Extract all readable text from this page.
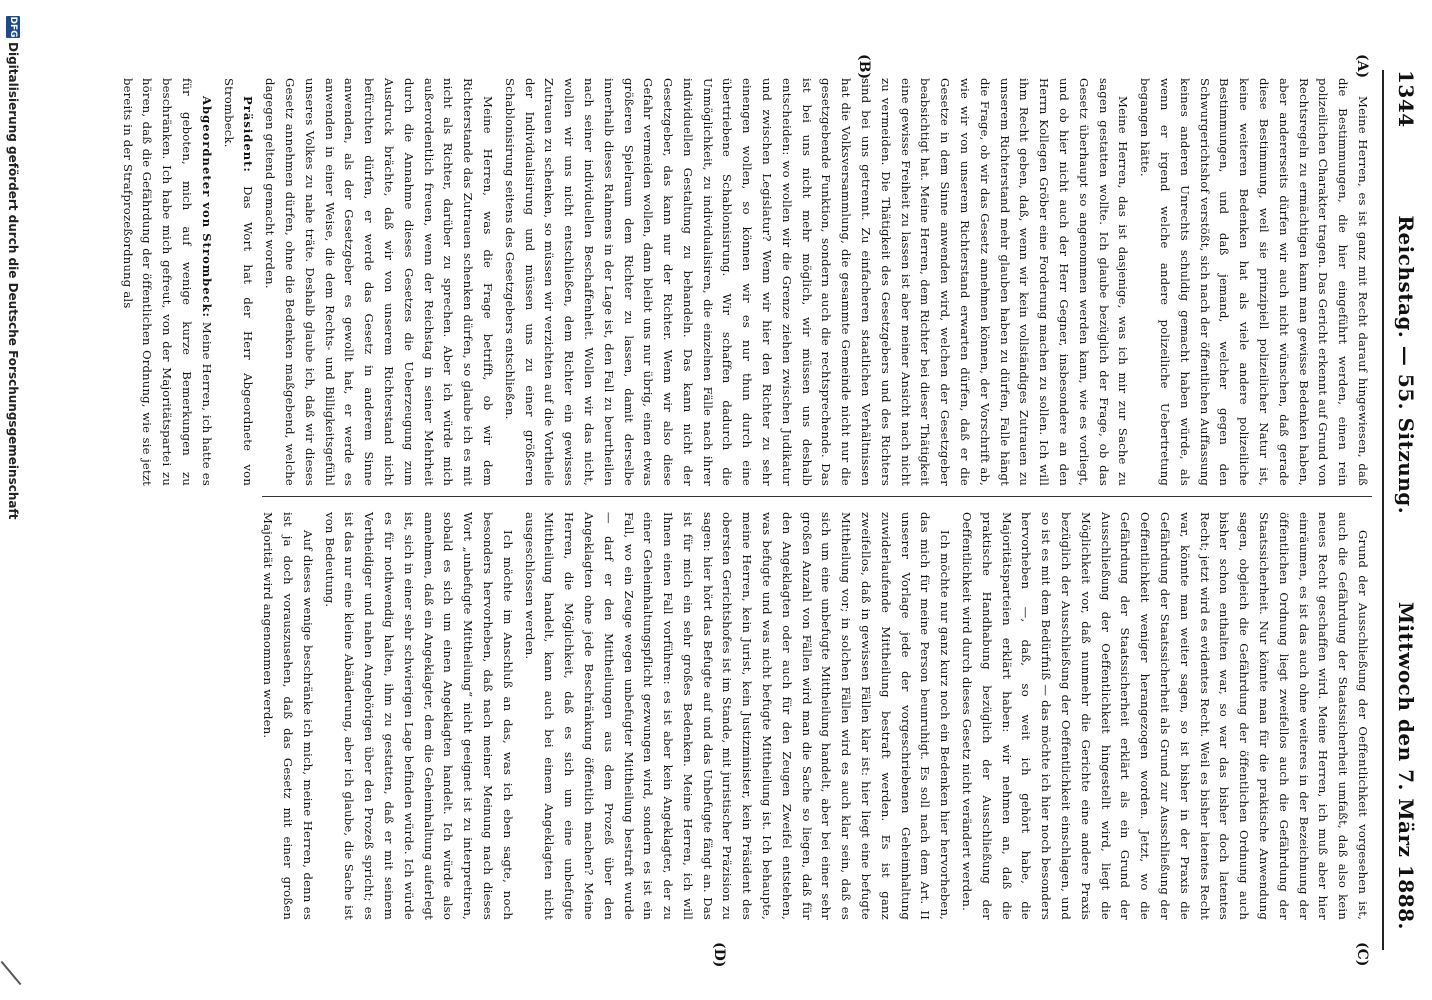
1344
Reichstag. — 55. Sitzung.
Mittwoch den 7. März 1888.
(A)
(B)
(C)
(D)

Meine Herren, es ist ganz mit Recht darauf hingewiesen, daß die Bestimmungen, die hier eingeführt werden, einen rein polizeilichen Charakter tragen. Das Gericht erkennt auf Grund von Rechtsregeln zu ermächtigen kann man gewisse Bedenken haben, aber andererseits dürfen wir auch nicht wünschen, daß gerade diese Bestimmung, weil sie prinzipiell polizeilicher Natur ist, keine weiteren Bedenken hat als viele andere polizeiliche Bestimmungen, und daß jemand, welcher gegen den Schwurgerichtshof verstößt, sich nach der öffentlichen Auffassung keines anderen Unrechts schuldig gemacht haben würde, als wenn er irgend welche andere polizeiliche Uebertretung begangen hätte.

Meine Herren, das ist dasjenige, was ich mir zur Sache zu sagen gestatten wollte. Ich glaube bezüglich der Frage, ob das Gesetz überhaupt so angenommen werden kann, wie es vorliegt, und ob hier nicht auch der Herr Gegner, insbesondere an den Herrn Kollegen Gröber eine Forderung machen zu sollen. Ich will ihm Recht geben, daß, wenn wir kein vollständiges Zutrauen zu unserem Richterstand mehr glauben haben zu dürfen, Falle hängt die Frage, ob wir das Gesetz annehmen können, der Vorschrift ab, wie wir von unserem Richterstand erwarten dürfen, daß er die Gesetze in dem Sinne anwenden wird, welchen der Gesetzgeber beabsichtigt hat. Meine Herren, dem Richter bei dieser Thätigkeit eine gewisse Freiheit zu lassen ist aber meiner Ansicht nach nicht zu vermeiden. Die Thätigkeit des Gesetzgebers und des Richters sind bei uns getrennt. Zu einfacheren staatlichen Verhältnissen hat die Volksversammlung, die gesammte Gemeinde nicht nur die gesetzgebende Funktion, sondern auch die rechtsprechende. Das ist bei uns nicht mehr möglich, wir müssen uns deshalb entscheiden: wo wollen wir die Grenze ziehen zwischen Judikatur und zwischen Legislatur? Wenn wir hier den Richter zu sehr einengen wollen, so können wir es nur thun durch eine übertriebene Schablonisirung. Wir schaffen dadurch die Unmöglichkeit, zu individualisiren, die einzelnen Fälle nach ihrer individuellen Gestaltung zu behandeln. Das kann nicht der Gesetzgeber, das kann nur der Richter. Wenn wir also diese Gefahr vermeiden wollen, dann bleibt uns nur übrig, einen etwas größeren Spielraum dem Richter zu lassen, damit derselbe innerhalb dieses Rahmens in der Lage ist, den Fall zu beurtheilen nach seiner individuellen Beschaffenheit. Wollen wir das nicht, wollen wir uns nicht entschließen, dem Richter ein gewisses Zutrauen zu schenken, so müssen wir verzichten auf die Vortheile der Individualisirung und müssen uns zu einer größeren Schablonisirung seitens des Gesetzgebers entschließen.

Meine Herren, was die Frage betrifft, ob wir dem Richterstande das Zutrauen schenken dürfen, so glaube ich es mit nicht als Richter, darüber zu sprechen. Aber ich würde mich außerordentlich freuen, wenn der Reichstag in seiner Mehrheit durch die Annahme dieses Gesetzes die Ueberzeugung zum Ausdruck brächte, daß wir von unserem Richterstand nicht befürchten dürfen, er werde das Gesetz in anderem Sinne anwenden, als der Gesetzgeber es gewollt hat, er werde es anwenden in einer Weise, die dem Rechts- und Billigkeitsgefühl unseres Volkes zu nahe träte. Deshalb glaube ich, daß wir dieses Gesetz annehmen dürfen, ohne die Bedenken maßgebend, welche dagegen geltend gemacht worden.

Präsident: Das Wort hat der Herr Abgeordnete von Strombeck.

Abgeordneter von Strombeck: Meine Herren, ich hatte es für geboten, mich auf wenige kurze Bemerkungen zu beschränken. Ich habe mich gefreut, von der Majoritätspartei zu hören, daß die Gefährdung der öffentlichen Ordnung, wie sie jetzt bereits in der Strafprozeßordnung als

Grund der Ausschließung der Oeffentlichkeit vorgesehen ist, auch die Gefährdung der Staatssicherheit umfaßt, daß also kein neues Recht geschaffen wird. Meine Herren, ich muß aber hier einräumen, es ist das auch ohne weiteres in der Bezeichnung der öffentlichen Ordnung liegt zweifellos auch die Gefährdung der Staatssicherheit. Nur könnte man für die praktische Anwendung sagen, obgleich die Gefährdung der öffentlichen Ordnung auch bisher schon enthalten war, so war das bisher doch latentes Recht; jetzt wird es evidentes Recht. Weil es bisher latentes Recht war, könnte man weiter sagen, so ist bisher in der Praxis die Gefährdung der Staatssicherheit als Grund zur Ausschließung der Oeffentlichkeit weniger herangezogen worden. Jetzt, wo die Gefährdung der Staatssicherheit erklärt als ein Grund der Ausschließung der Oeffentlichkeit hingestellt wird, liegt die Möglichkeit vor, daß nunmehr die Gerichte eine andere Praxis bezüglich der Ausschließung der Oeffentlichkeit einschlagen, und so ist es mit dem Bedürfniß — das möchte ich hier noch besonders hervorheben —, daß, so weit ich gehört habe, die Majoritätsparteien erklärt haben: wir nehmen an, daß die praktische Handhabung bezüglich der Ausschließung der Oeffentlichkeit wird durch dieses Gesetz nicht verändert werden.

Ich möchte nur ganz kurz noch ein Bedenken hier hervorheben, das mich für meine Person beunruhigt. Es soll nach dem Art. II unserer Vorlage jede der vorgeschriebenen Geheimhaltung zuwiderlaufende Mittheilung bestraft werden. Es ist ganz zweifellos, daß in gewissen Fällen klar ist: hier liegt eine befugte Mittheilung vor; in solchen Fällen wird es auch klar sein, daß es sich um eine unbefugte Mittheilung handelt, aber bei einer sehr großen Anzahl von Fällen wird man die Sache so liegen, daß für den Angeklagten oder auch für den Zeugen Zweifel entstehen, was befugte und was nicht befugte Mittheilung ist. Ich behaupte, meine Herren, kein Jurist, kein Justizminister, kein Präsident des obersten Gerichtshofes ist im Stande, mit juristischer Präzision zu sagen: hier hört das Befugte auf und das Unbefugte fängt an. Das ist für mich ein sehr großes Bedenken. Meine Herren, ich will Ihnen einen Fall vorführen: es ist aber kein Angeklagter, der zu einer Geheimhaltungspflicht gezwungen wird, sondern es ist ein Fall, wo ein Zeuge wegen unbefugter Mittheilung bestraft wurde — darf er den Mittheilungen aus dem Prozeß über den Angeklagten ohne jede Beschränkung öffentlich machen? Meine Herren, die Möglichkeit, daß es sich um eine unbefugte Mittheilung handelt, kann auch bei einem Angeklagten nicht ausgeschlossen werden.

Ich möchte im Anschluß an das, was ich eben sagte, noch besonders hervorheben, daß nach meiner Meinung nach dieses Wort „unbefugte Mittheilung“ nicht geeignet ist zu interpretiren, sobald es sich um einen Angeklagten handelt. Ich würde also annehmen, daß ein Angeklagter, dem die Geheimhaltung auferlegt ist, sich in einer sehr schwierigen Lage befinden würde. Ich würde es für nothwendig halten, ihm zu gestatten, daß er mit seinem Vertheidiger und nahen Angehörigen über den Prozeß spricht; es ist das nur eine kleine Abänderung, aber ich glaube, die Sache ist von Bedeutung.

Auf dieses wenige beschränke ich mich, meine Herren, denn es ist ja doch vorauszusehen, daß das Gesetz mit einer großen Majorität wird angenommen werden.

DFG
Digitalisierung gefördert durch die Deutsche Forschungsgemeinschaft
